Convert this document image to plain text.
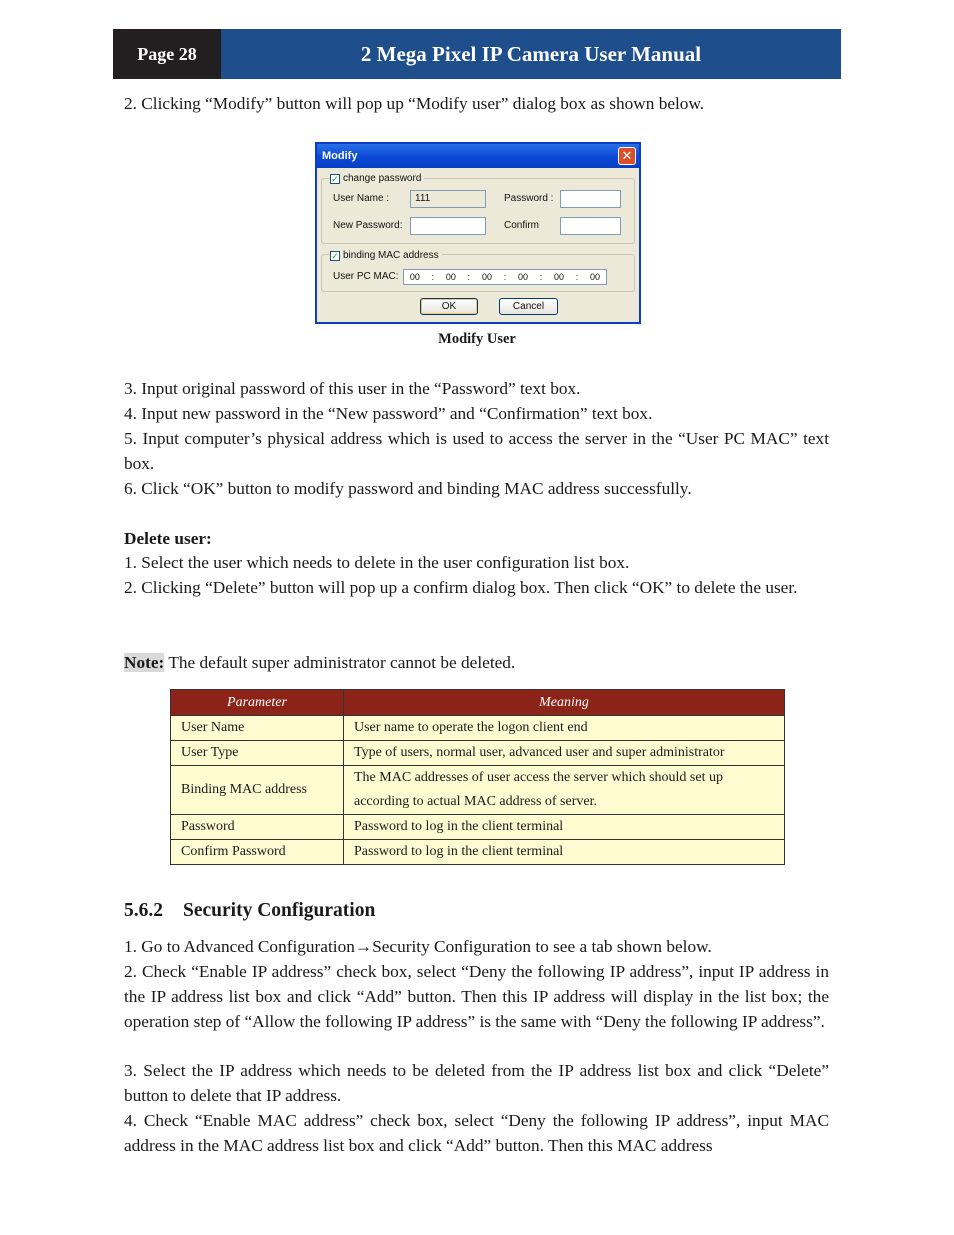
Page 28	2 Mega Pixel IP Camera User Manual

2. Clicking “Modify” button will pop up “Modify user” dialog box as shown below.

Modify	✕
✓ change password
User Name :	111	Password :
New Password:	Confirm
✓ binding MAC address
User PC MAC: 00 : 00 : 00 : 00 : 00 : 00
OK	Cancel
Modify User

3. Input original password of this user in the “Password” text box.

4. Input new password in the “New password” and “Confirmation” text box.

5. Input computer’s physical address which is used to access the server in the “User PC MAC” text box.

6. Click “OK” button to modify password and binding MAC address successfully.

Delete user:

1. Select the user which needs to delete in the user configuration list box.

2. Clicking “Delete” button will pop up a confirm dialog box. Then click “OK” to delete the user.

Note: The default super administrator cannot be deleted.

Parameter	Meaning
User Name	User name to operate the logon client end
User Type	Type of users, normal user, advanced user and super administrator
Binding MAC address	The MAC addresses of user access the server which should set up according to actual MAC address of server.
Password	Password to log in the client terminal
Confirm Password	Password to log in the client terminal
5.6.2 Security Configuration

1. Go to Advanced Configuration→Security Configuration to see a tab shown below.

2. Check “Enable IP address” check box, select “Deny the following IP address”, input IP address in the IP address list box and click “Add” button. Then this IP address will display in the list box; the operation step of “Allow the following IP address” is the same with “Deny the following IP address”.

3. Select the IP address which needs to be deleted from the IP address list box and click “Delete” button to delete that IP address.

4. Check “Enable MAC address” check box, select “Deny the following IP address”, input MAC address in the MAC address list box and click “Add” button. Then this MAC address
